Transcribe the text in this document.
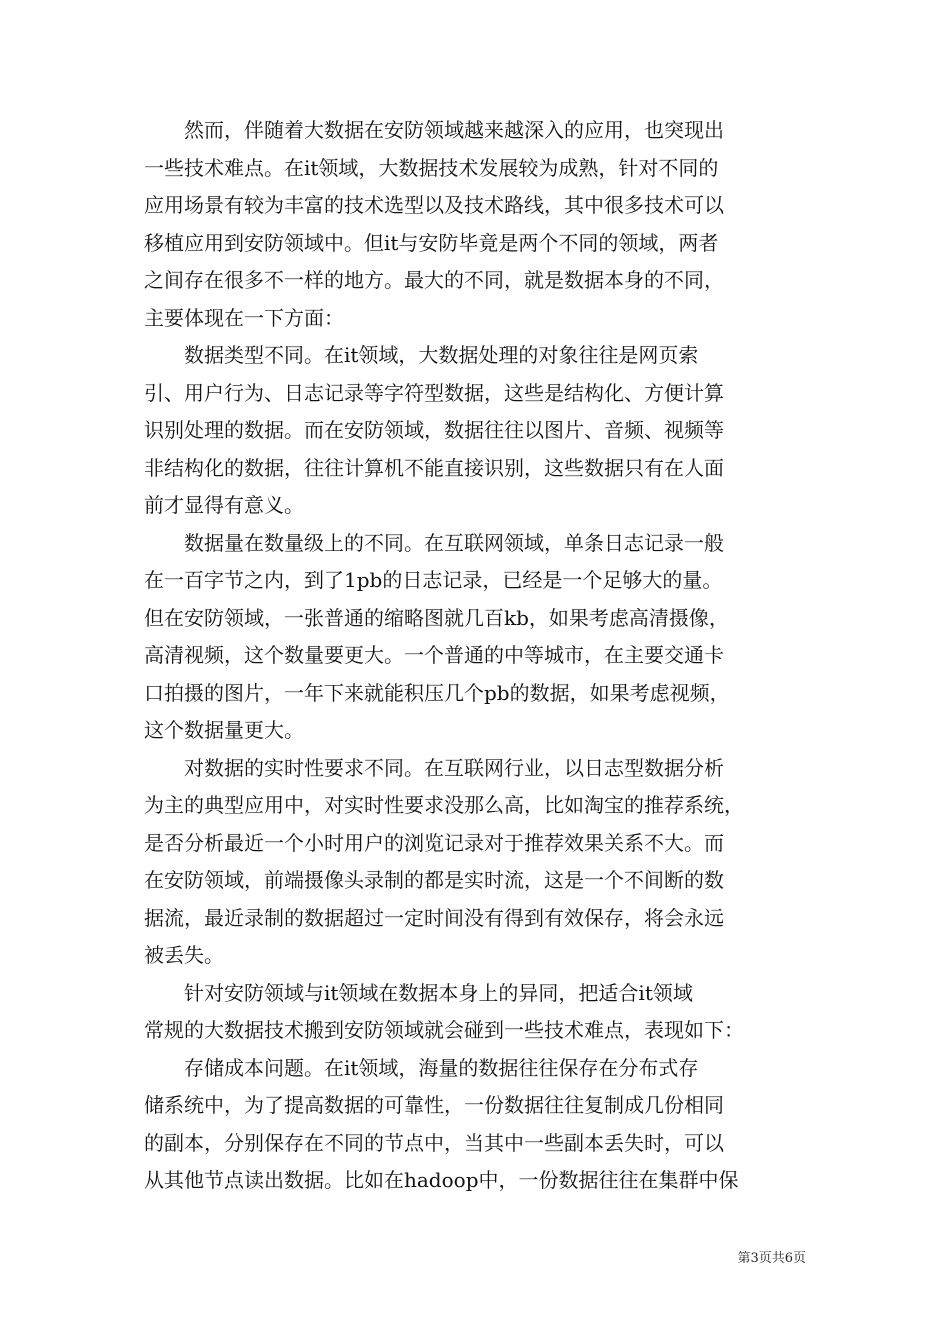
　　然而，伴随着大数据在安防领域越来越深入的应用，也突现出
一些技术难点。在it领域，大数据技术发展较为成熟，针对不同的
应用场景有较为丰富的技术选型以及技术路线，其中很多技术可以
移植应用到安防领域中。但it与安防毕竟是两个不同的领域，两者
之间存在很多不一样的地方。最大的不同，就是数据本身的不同，
主要体现在一下方面：
　　数据类型不同。在it领域，大数据处理的对象往往是网页索
引、用户行为、日志记录等字符型数据，这些是结构化、方便计算
识别处理的数据。而在安防领域，数据往往以图片、音频、视频等
非结构化的数据，往往计算机不能直接识别，这些数据只有在人面
前才显得有意义。
　　数据量在数量级上的不同。在互联网领域，单条日志记录一般
在一百字节之内，到了1pb的日志记录，已经是一个足够大的量。
但在安防领域，一张普通的缩略图就几百kb，如果考虑高清摄像，
高清视频，这个数量要更大。一个普通的中等城市，在主要交通卡
口拍摄的图片，一年下来就能积压几个pb的数据，如果考虑视频，
这个数据量更大。
　　对数据的实时性要求不同。在互联网行业，以日志型数据分析
为主的典型应用中，对实时性要求没那么高，比如淘宝的推荐系统，
是否分析最近一个小时用户的浏览记录对于推荐效果关系不大。而
在安防领域，前端摄像头录制的都是实时流，这是一个不间断的数
据流，最近录制的数据超过一定时间没有得到有效保存，将会永远
被丢失。
　　针对安防领域与it领域在数据本身上的异同，把适合it领域
常规的大数据技术搬到安防领域就会碰到一些技术难点，表现如下：
　　存储成本问题。在it领域，海量的数据往往保存在分布式存
储系统中，为了提高数据的可靠性，一份数据往往复制成几份相同
的副本，分别保存在不同的节点中，当其中一些副本丢失时，可以
从其他节点读出数据。比如在hadoop中，一份数据往往在集群中保
第3页共6页
